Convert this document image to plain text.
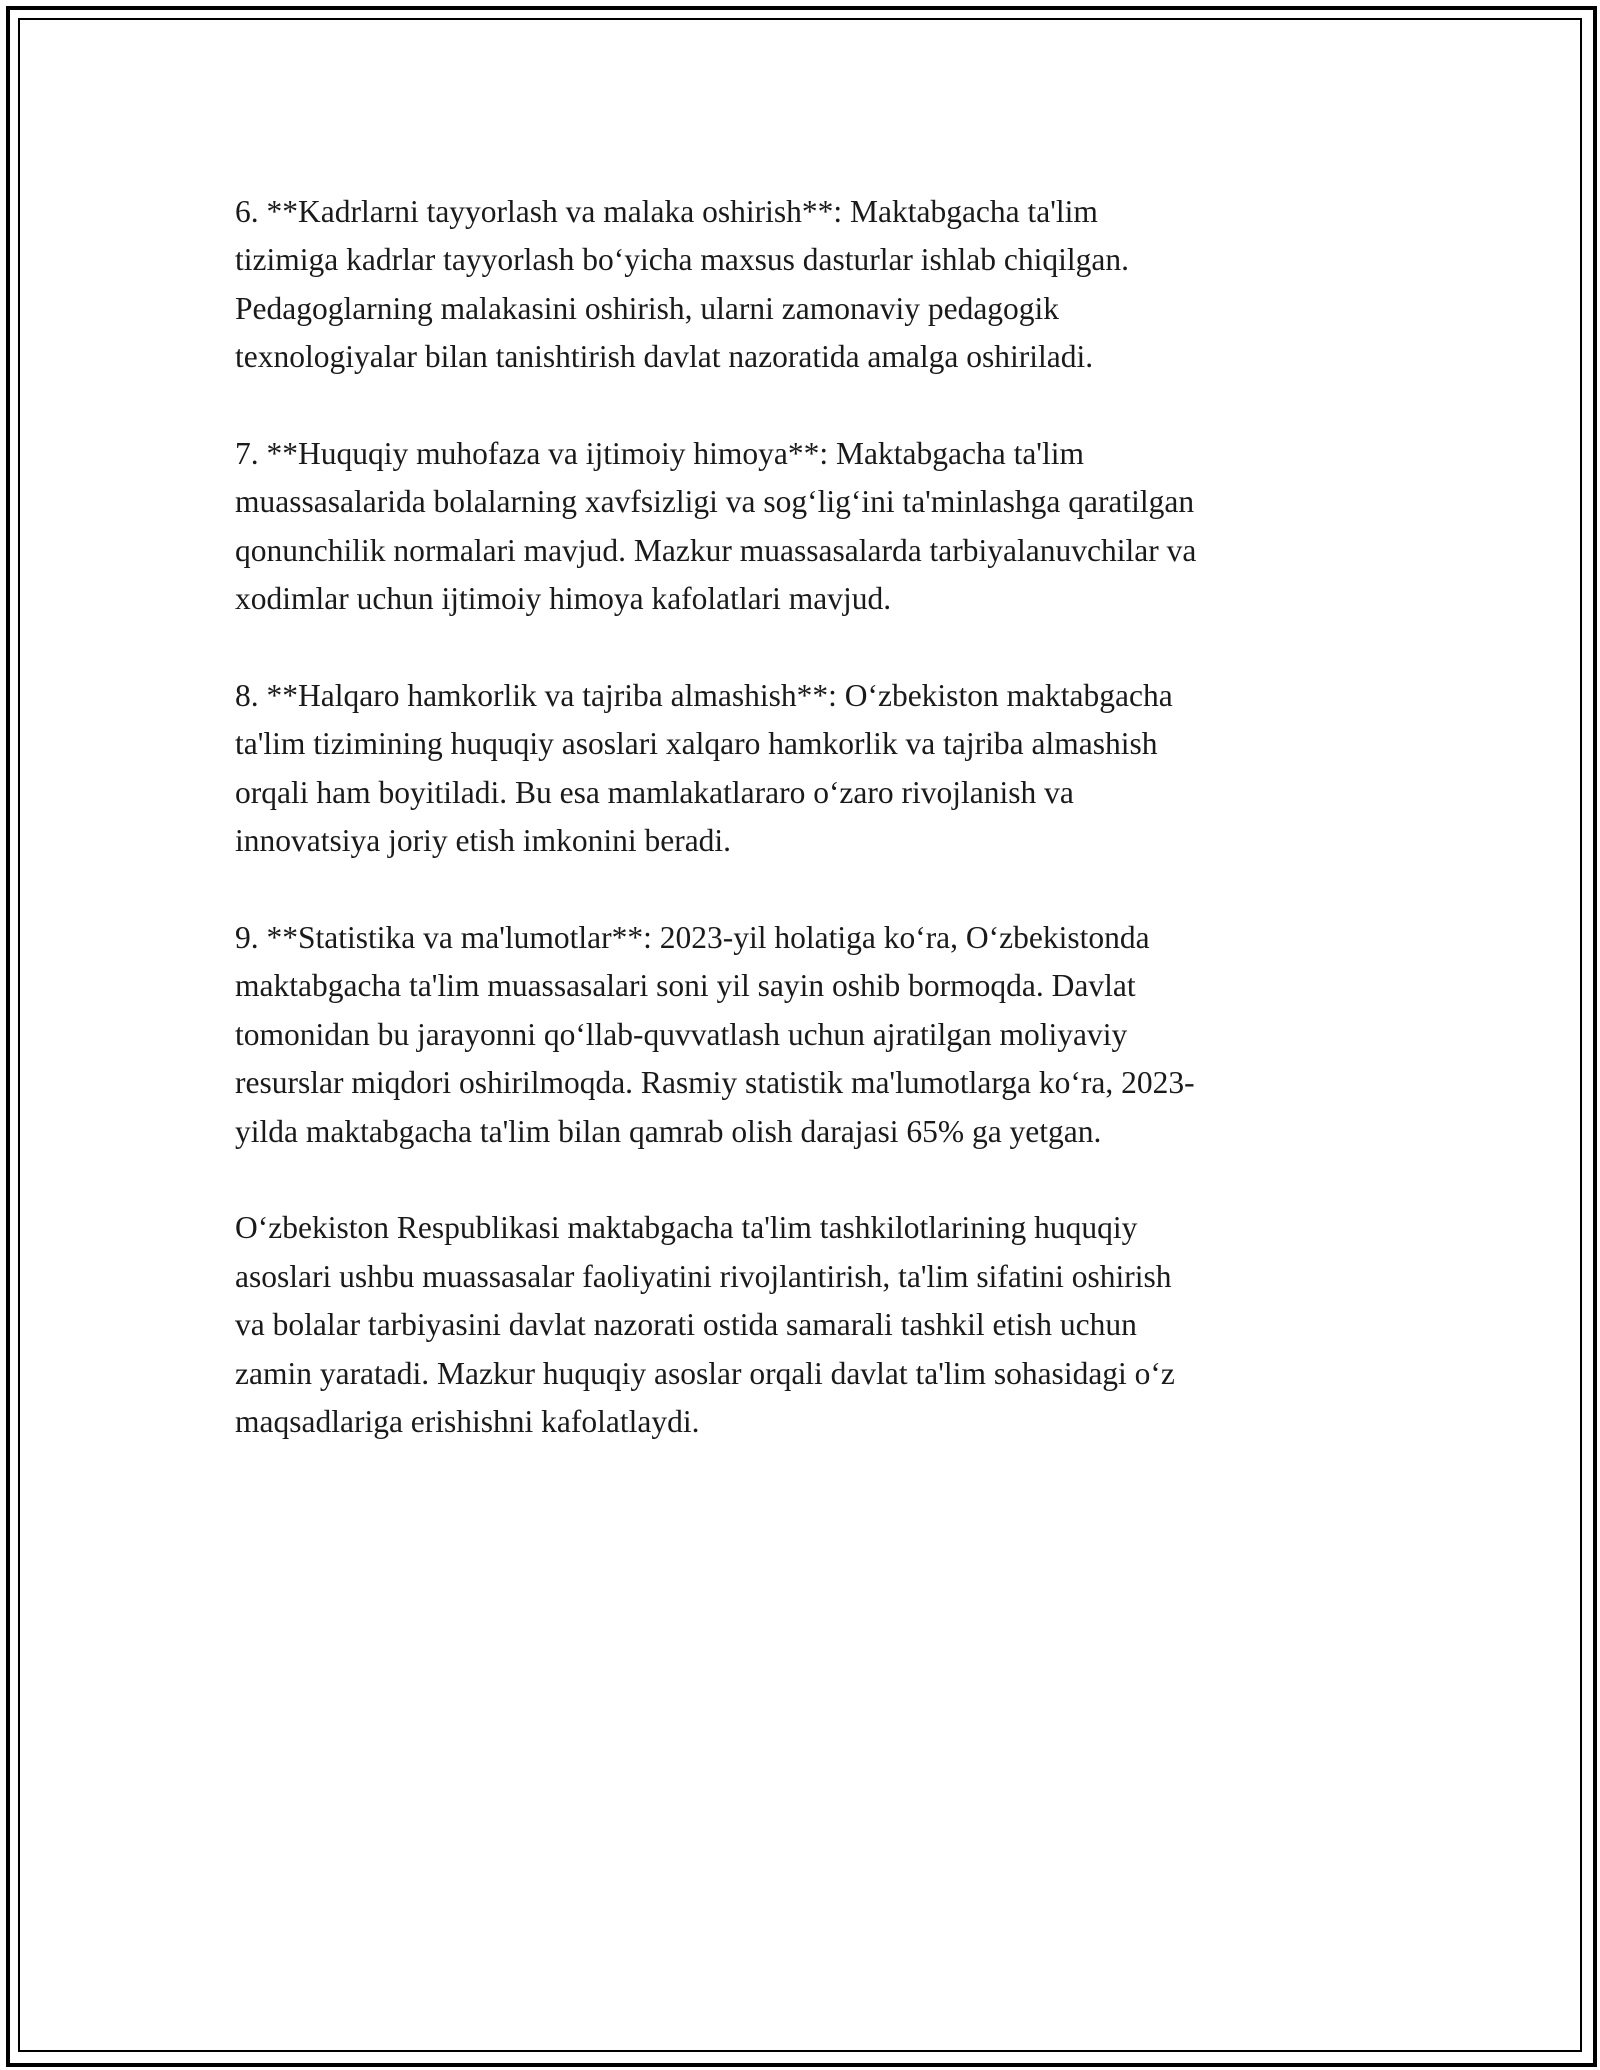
6. **Kadrlarni tayyorlash va malaka oshirish**: Maktabgacha ta'lim
tizimiga kadrlar tayyorlash bo‘yicha maxsus dasturlar ishlab chiqilgan.
Pedagoglarning malakasini oshirish, ularni zamonaviy pedagogik
texnologiyalar bilan tanishtirish davlat nazoratida amalga oshiriladi.

7. **Huquqiy muhofaza va ijtimoiy himoya**: Maktabgacha ta'lim
muassasalarida bolalarning xavfsizligi va sog‘lig‘ini ta'minlashga qaratilgan
qonunchilik normalari mavjud. Mazkur muassasalarda tarbiyalanuvchilar va
xodimlar uchun ijtimoiy himoya kafolatlari mavjud.

8. **Halqaro hamkorlik va tajriba almashish**: O‘zbekiston maktabgacha
ta'lim tizimining huquqiy asoslari xalqaro hamkorlik va tajriba almashish
orqali ham boyitiladi. Bu esa mamlakatlararo o‘zaro rivojlanish va
innovatsiya joriy etish imkonini beradi.

9. **Statistika va ma'lumotlar**: 2023-yil holatiga ko‘ra, O‘zbekistonda
maktabgacha ta'lim muassasalari soni yil sayin oshib bormoqda. Davlat
tomonidan bu jarayonni qo‘llab-quvvatlash uchun ajratilgan moliyaviy
resurslar miqdori oshirilmoqda. Rasmiy statistik ma'lumotlarga ko‘ra, 2023-
yilda maktabgacha ta'lim bilan qamrab olish darajasi 65% ga yetgan.

O‘zbekiston Respublikasi maktabgacha ta'lim tashkilotlarining huquqiy
asoslari ushbu muassasalar faoliyatini rivojlantirish, ta'lim sifatini oshirish
va bolalar tarbiyasini davlat nazorati ostida samarali tashkil etish uchun
zamin yaratadi. Mazkur huquqiy asoslar orqali davlat ta'lim sohasidagi o‘z
maqsadlariga erishishni kafolatlaydi.
